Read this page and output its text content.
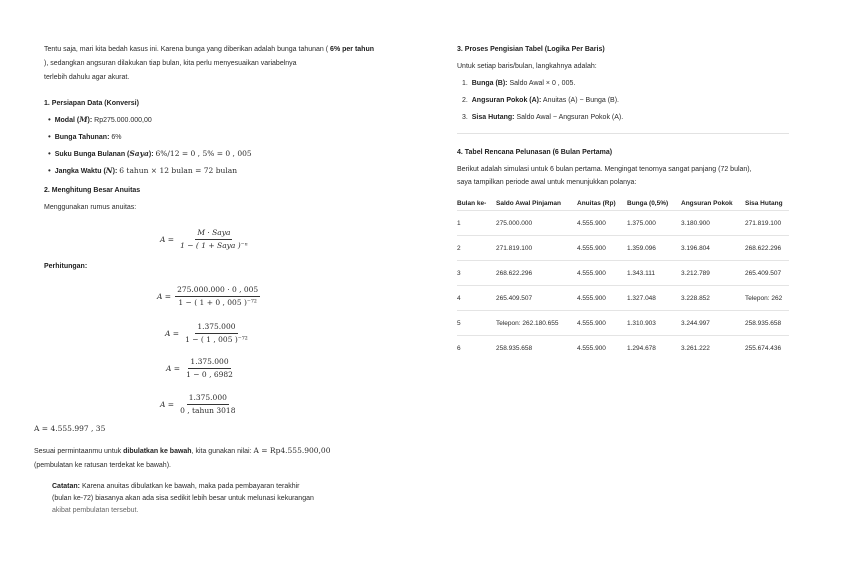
Tentu saja, mari kita bedah kasus ini. Karena bunga yang diberikan adalah bunga tahunan ( 6% per tahun
), sedangkan angsuran dilakukan tiap bulan, kita perlu menyesuaikan variabelnya
terlebih dahulu agar akurat.
1. Persiapan Data (Konversi)
• Modal (M): Rp275.000.000,00
• Bunga Tahunan: 6%
• Suku Bunga Bulanan (Saya): 6%/12 = 0 , 5% = 0 , 005
• Jangka Waktu (N): 6 tahun × 12 bulan = 72 bulan
2. Menghitung Besar Anuitas
Menggunakan rumus anuitas:
$A = \frac{\text{M · Saya}}{\text{1 − ( 1 + Saya )⁻ⁿ}}$
Perhitungan:
$A = \frac{275.000.000 \cdot 0 , 005}{\text{1 − ( 1 + 0 , 005 )⁻⁷²}}$
$A = \frac{1.375.000}{\text{1 − ( 1 , 005 )⁻⁷²}}$
$A = \frac{1.375.000}{1 - 0 , 6982}$
$A = \frac{1.375.000}{\text{0 , tahun 3018}}$
A = 4.555.997 , 35
Sesuai permintaanmu untuk dibulatkan ke bawah, kita gunakan nilai: A = Rp4.555.900,00
(pembulatan ke ratusan terdekat ke bawah).
Catatan: Karena anuitas dibulatkan ke bawah, maka pada pembayaran terakhir
(bulan ke-72) biasanya akan ada sisa sedikit lebih besar untuk melunasi kekurangan
akibat pembulatan tersebut.
3. Proses Pengisian Tabel (Logika Per Baris)
Untuk setiap baris/bulan, langkahnya adalah:
1. Bunga (B): Saldo Awal × 0 , 005.
2. Angsuran Pokok (A): Anuitas (A) − Bunga (B).
3. Sisa Hutang: Saldo Awal − Angsuran Pokok (A).
4. Tabel Rencana Pelunasan (6 Bulan Pertama)
Berikut adalah simulasi untuk 6 bulan pertama. Mengingat tenornya sangat panjang (72 bulan),
saya tampilkan periode awal untuk menunjukkan polanya:
Bulan ke-	Saldo Awal Pinjaman	Anuitas (Rp)	Bunga (0,5%)	Angsuran Pokok	Sisa Hutang
1	275.000.000	4.555.900	1.375.000	3.180.900	271.819.100
2	271.819.100	4.555.900	1.359.096	3.196.804	268.622.296
3	268.622.296	4.555.900	1.343.111	3.212.789	265.409.507
4	265.409.507	4.555.900	1.327.048	3.228.852	Telepon: 262
5	Telepon: 262.180.655	4.555.900	1.310.903	3.244.997	258.935.658
6	258.935.658	4.555.900	1.294.678	3.261.222	255.674.436
